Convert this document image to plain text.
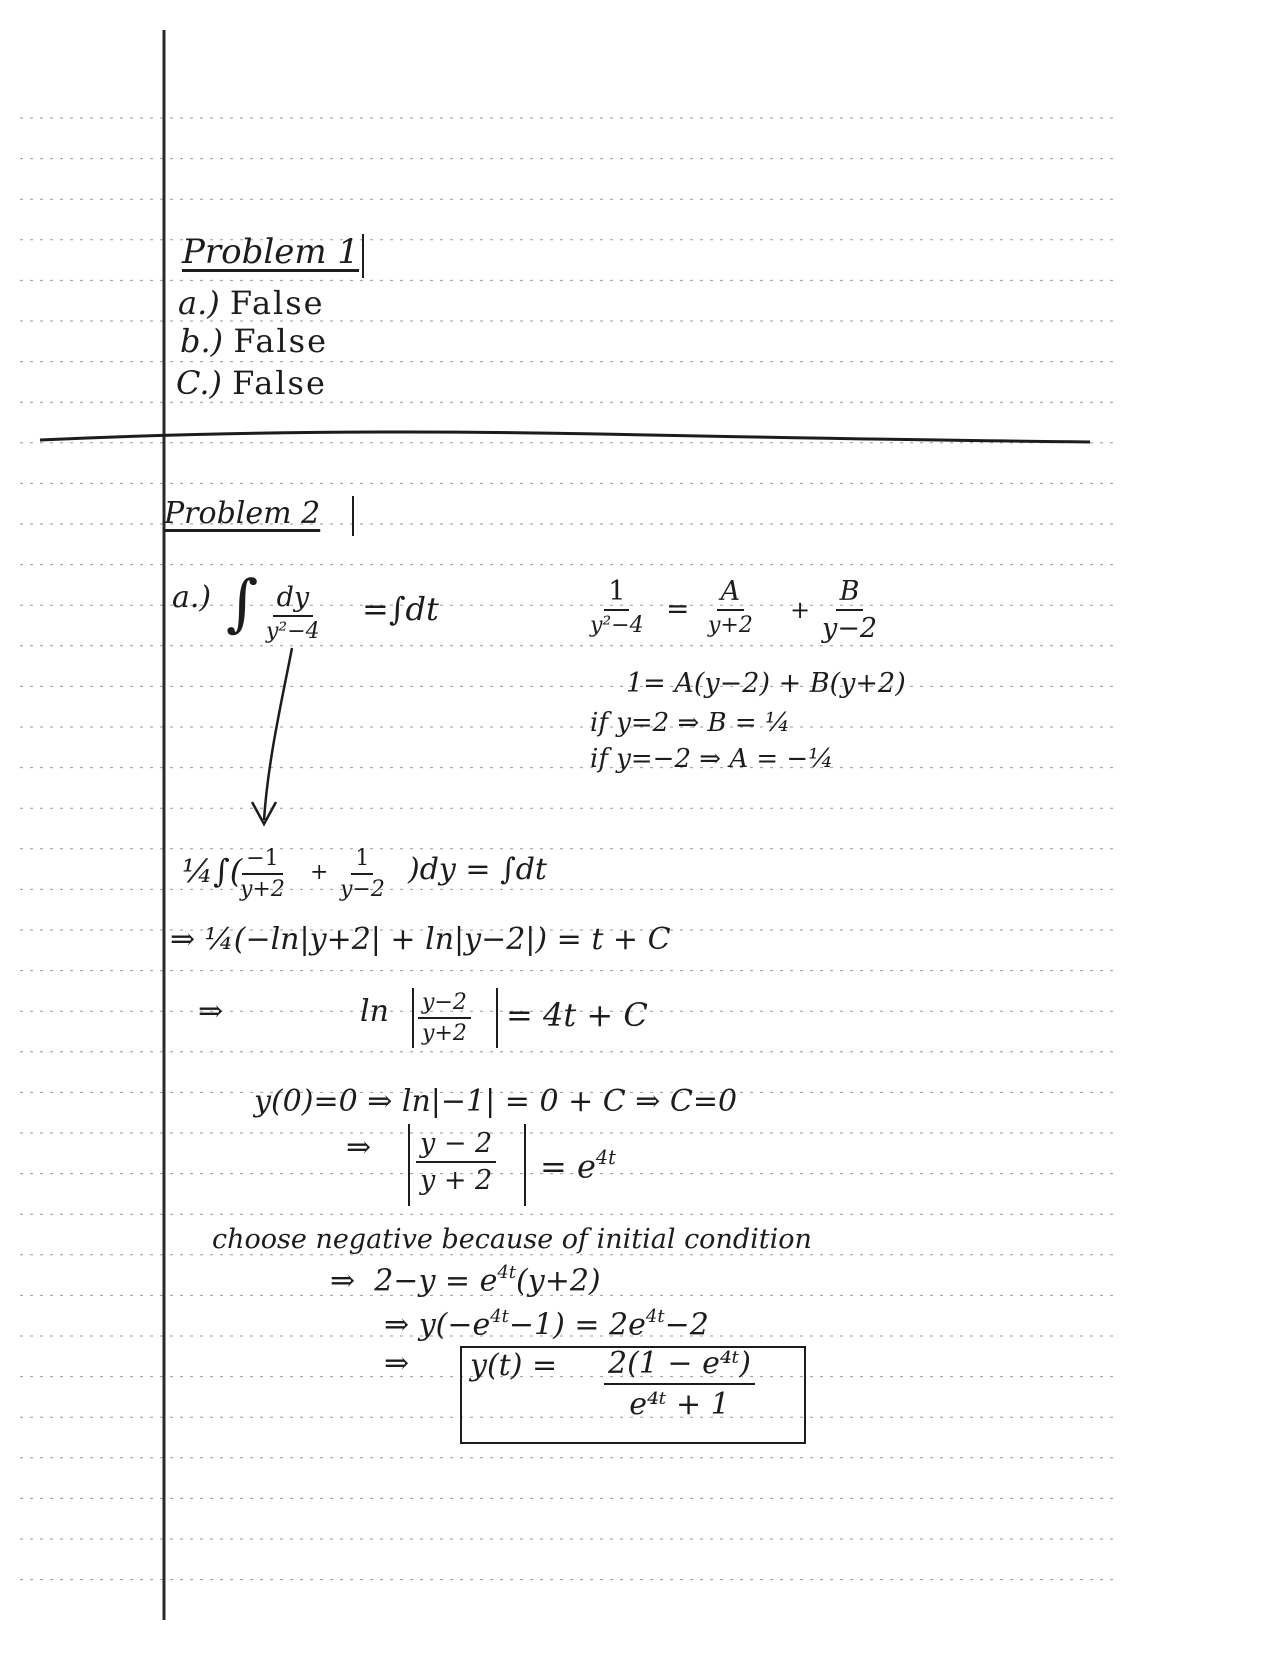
Problem 1
a.) False
b.) False
C.) False
Problem 2
a.) ∫ dy
y²−4
=∫dt	1
y²−4
=
A
y+2
+ $\frac{B}{y-2}$
1= A(y−2) + B(y+2)
if y=2 ⇒ B = ¼
if y=−2 ⇒ A = −¼
¼∫(
$\frac{-1}{y+2} + \frac{1}{y-2} )dy = \int dt$
⇒ ¼(−ln|y+2| + ln|y−2|) = t + C
⇒	$\ln \frac{y-2}{y+2} = 4t + C$
y(0)=0 ⇒ ln|−1| = 0 + C ⇒ C=0
⇒ $\frac{y - 2}{y + 2} = e^{4t}$
choose negative because of initial condition
⇒ $2-y = e^{4t}(y+2)$
⇒ $y(-e^{4t}-1) = 2e^{4t}-2$
⇒ $y(t) = \frac{\text{2(1 − e⁴ᵗ)}}{\text{e⁴ᵗ + 1}}$
